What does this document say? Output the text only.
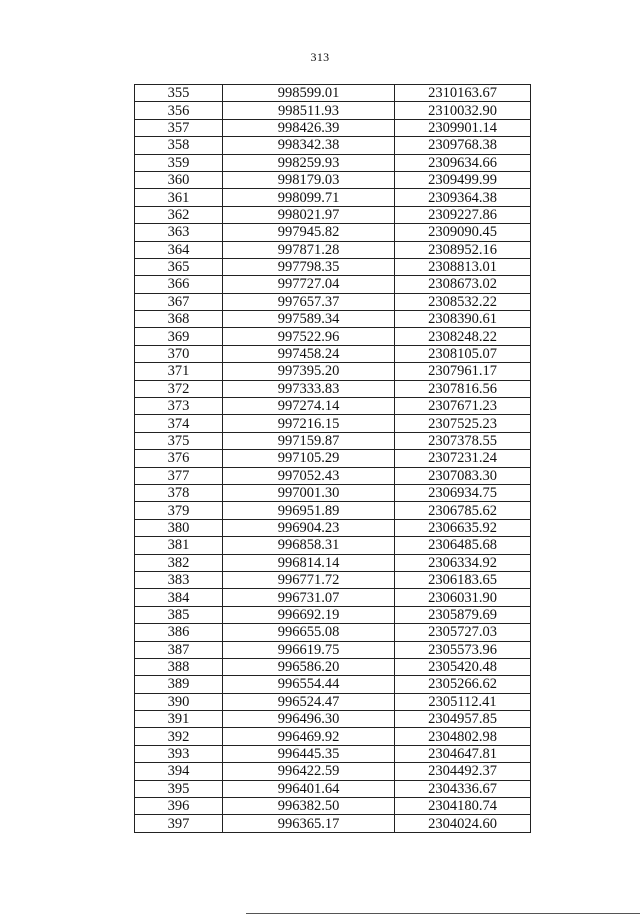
313
355	998599.01	2310163.67
356	998511.93	2310032.90
357	998426.39	2309901.14
358	998342.38	2309768.38
359	998259.93	2309634.66
360	998179.03	2309499.99
361	998099.71	2309364.38
362	998021.97	2309227.86
363	997945.82	2309090.45
364	997871.28	2308952.16
365	997798.35	2308813.01
366	997727.04	2308673.02
367	997657.37	2308532.22
368	997589.34	2308390.61
369	997522.96	2308248.22
370	997458.24	2308105.07
371	997395.20	2307961.17
372	997333.83	2307816.56
373	997274.14	2307671.23
374	997216.15	2307525.23
375	997159.87	2307378.55
376	997105.29	2307231.24
377	997052.43	2307083.30
378	997001.30	2306934.75
379	996951.89	2306785.62
380	996904.23	2306635.92
381	996858.31	2306485.68
382	996814.14	2306334.92
383	996771.72	2306183.65
384	996731.07	2306031.90
385	996692.19	2305879.69
386	996655.08	2305727.03
387	996619.75	2305573.96
388	996586.20	2305420.48
389	996554.44	2305266.62
390	996524.47	2305112.41
391	996496.30	2304957.85
392	996469.92	2304802.98
393	996445.35	2304647.81
394	996422.59	2304492.37
395	996401.64	2304336.67
396	996382.50	2304180.74
397	996365.17	2304024.60
